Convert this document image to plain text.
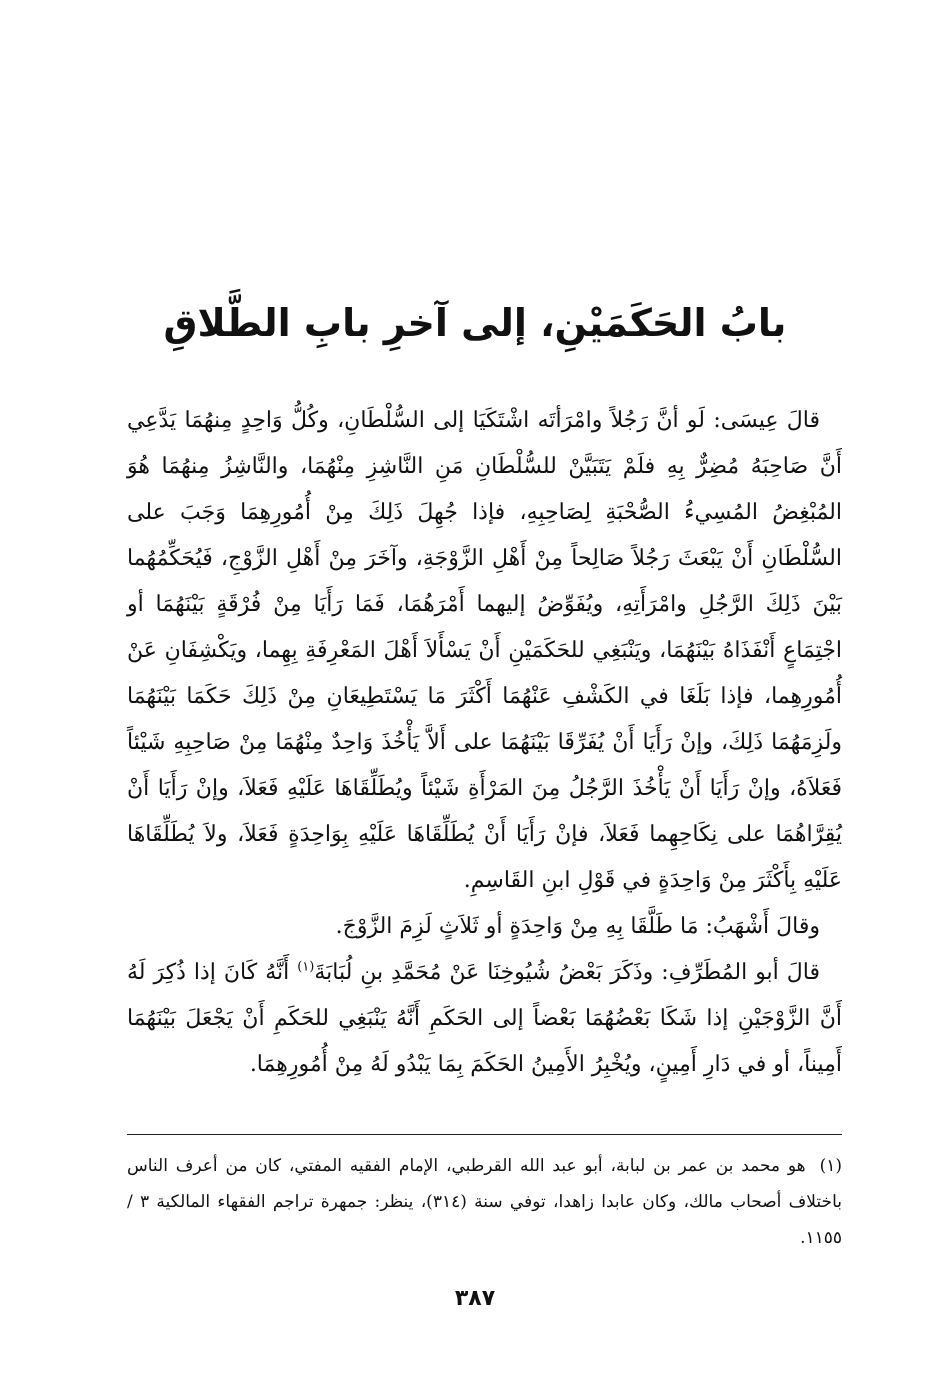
بابُ الحَكَمَيْنِ، إلى آخرِ بابِ الطَّلاقِ

قالَ عِيسَى: لَو أنَّ رَجُلاً وامْرَأتَه اشْتَكَيَا إلى السُّلْطَانِ، وكُلُّ وَاحِدٍ مِنهُمَا يَدَّعِي أَنَّ صَاحِبَهُ مُضِرٌّ بِهِ فلَمْ يَتَبَيَّنْ للسُّلْطَانِ مَنِ النَّاشِزِ مِنْهُمَا، والنَّاشِزُ مِنهُمَا هُوَ المُبْغِضُ المُسِيءُ الصُّحْبَةِ لِصَاحِبِهِ، فإذا جُهِلَ ذَلِكَ مِنْ أُمُورِهِمَا وَجَبَ على السُّلْطَانِ أَنْ يَبْعَثَ رَجُلاً صَالِحاً مِنْ أَهْلِ الزَّوْجَةِ، وآخَرَ مِنْ أَهْلِ الزَّوْجِ، فَيُحَكِّمُهُما بَيْنَ ذَلِكَ الرَّجُلِ وامْرَأَتِهِ، ويُفَوِّضُ إليهما أَمْرَهُمَا، فَمَا رَأَيَا مِنْ فُرْقَةٍ بَيْنَهُمَا أو اجْتِمَاعٍ أَنْفَذَاهُ بَيْنَهُمَا، ويَنْبَغِي للحَكَمَيْنِ أَنْ يَسْأَلاَ أَهْلَ المَعْرِفَةِ بِهِما، ويَكْشِفَانِ عَنْ أُمُورِهِما، فإذا بَلَغَا في الكَشْفِ عَنْهُمَا أَكْثَرَ مَا يَسْتَطِيعَانِ مِنْ ذَلِكَ حَكَمَا بَيْنَهُمَا ولَزِمَهُمَا ذَلِكَ، وإنْ رَأَيَا أَنْ يُفَرِّقَا بَيْنَهُمَا على أَلاَّ يَأْخُذَ وَاحِدٌ مِنْهُمَا مِنْ صَاحِبِهِ شَيْئاً فَعَلاَهُ، وإنْ رَأَيَا أَنْ يَأْخُذَ الرَّجُلُ مِنَ المَرْأَةِ شَيْئاً ويُطَلِّقَاهَا عَلَيْهِ فَعَلاَ، وإنْ رَأَيَا أَنْ يُقِرَّاهُمَا على نِكَاحِهِما فَعَلاَ، فإنْ رَأَيَا أَنْ يُطَلِّقَاهَا عَلَيْهِ بِوَاحِدَةٍ فَعَلاَ، ولاَ يُطَلِّقَاهَا عَلَيْهِ بِأَكْثَرَ مِنْ وَاحِدَةٍ في قَوْلِ ابنِ القَاسِمِ.

وقالَ أَشْهَبُ: مَا طَلَّقَا بِهِ مِنْ وَاحِدَةٍ أو ثَلاَثٍ لَزِمَ الزَّوْجَ.

قالَ أبو المُطَرِّفِ: وذَكَرَ بَعْضُ شُيُوخِنَا عَنْ مُحَمَّدِ بنِ لُبَابَةَ$^{(١)}$ أَنَّهُ كَانَ إذا ذُكِرَ لَهُ أَنَّ الزَّوْجَيْنِ إذا شَكَا بَعْضُهُمَا بَعْضاً إلى الحَكَمِ أَنَّهُ يَنْبَغِي للحَكَمِ أَنْ يَجْعَلَ بَيْنَهُمَا أَمِيناً، أو في دَارِ أَمِينٍ، ويُخْبِرُ الأَمِينُ الحَكَمَ بِمَا يَبْدُو لَهُ مِنْ أُمُورِهِمَا.

(١)هو محمد بن عمر بن لبابة، أبو عبد الله القرطبي، الإمام الفقيه المفتي، كان من أعرف الناس باختلاف أصحاب مالك، وكان عابدا زاهدا، توفي سنة (٣١٤)، ينظر: جمهرة تراجم الفقهاء المالكية ٣ / ١١٥٥.
٣٨٧
